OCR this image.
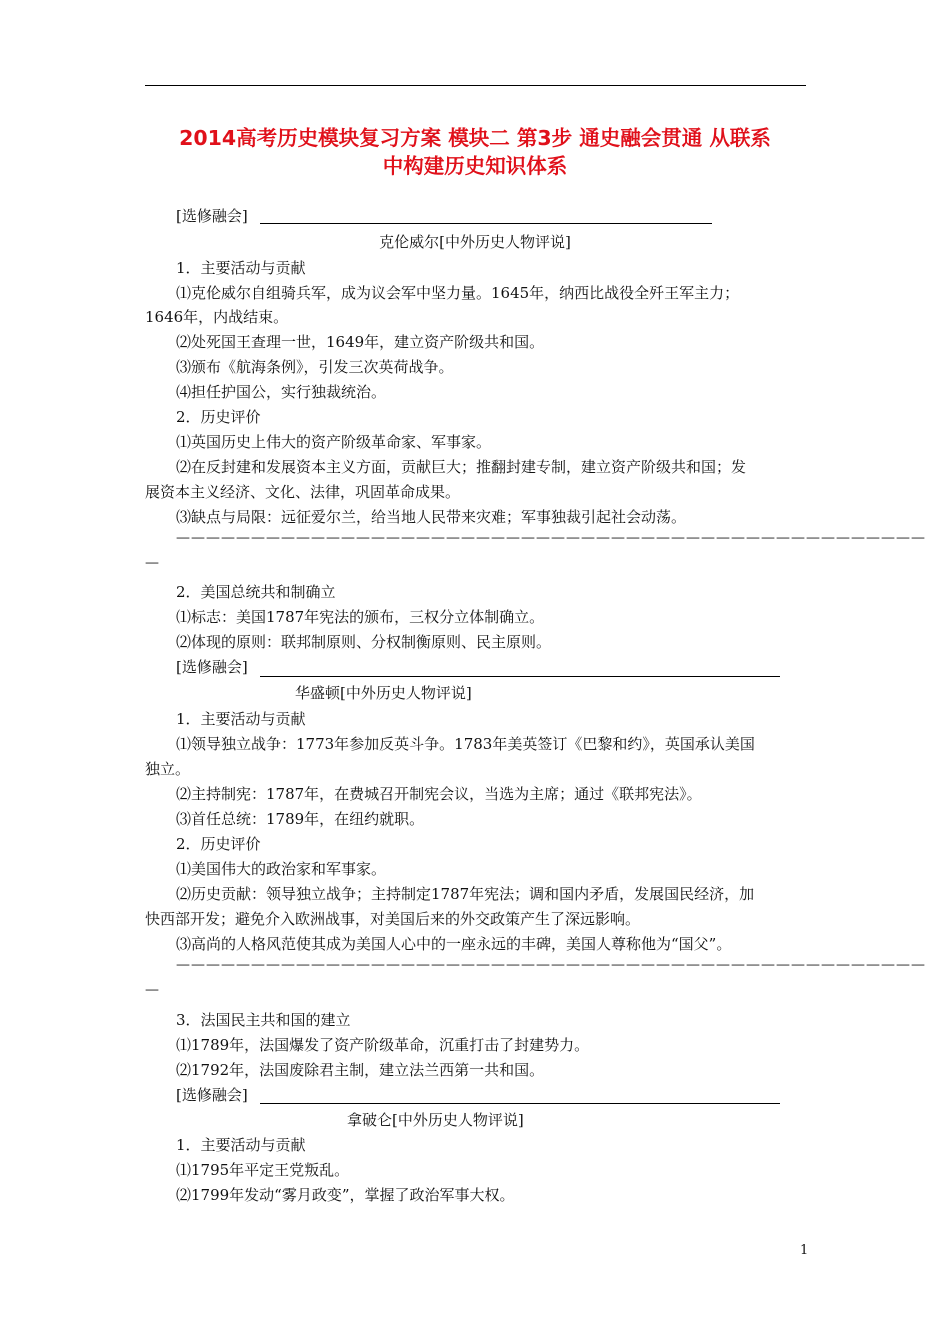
2014高考历史模块复习方案 模块二 第3步 通史融会贯通 从联系
中构建历史知识体系
[选修融会]
克伦威尔[中外历史人物评说]
1．主要活动与贡献
⑴克伦威尔自组骑兵军，成为议会军中坚力量。1645年，纳西比战役全歼王军主力；
1646年，内战结束。
⑵处死国王查理一世，1649年，建立资产阶级共和国。
⑶颁布《航海条例》，引发三次英荷战争。
⑷担任护国公，实行独裁统治。
2．历史评价
⑴英国历史上伟大的资产阶级革命家、军事家。
⑵在反封建和发展资本主义方面，贡献巨大；推翻封建专制，建立资产阶级共和国；发
展资本主义经济、文化、法律，巩固革命成果。
⑶缺点与局限：远征爱尔兰，给当地人民带来灾难；军事独裁引起社会动荡。
——————————————————————————————————————————————————
—
2．美国总统共和制确立
⑴标志：美国1787年宪法的颁布，三权分立体制确立。
⑵体现的原则：联邦制原则、分权制衡原则、民主原则。
[选修融会]
华盛顿[中外历史人物评说]
1．主要活动与贡献
⑴领导独立战争：1773年参加反英斗争。1783年美英签订《巴黎和约》，英国承认美国
独立。
⑵主持制宪：1787年，在费城召开制宪会议，当选为主席；通过《联邦宪法》。
⑶首任总统：1789年，在纽约就职。
2．历史评价
⑴美国伟大的政治家和军事家。
⑵历史贡献：领导独立战争；主持制定1787年宪法；调和国内矛盾，发展国民经济，加
快西部开发；避免介入欧洲战事，对美国后来的外交政策产生了深远影响。
⑶高尚的人格风范使其成为美国人心中的一座永远的丰碑，美国人尊称他为“国父”。
——————————————————————————————————————————————————
—
3．法国民主共和国的建立
⑴1789年，法国爆发了资产阶级革命，沉重打击了封建势力。
⑵1792年，法国废除君主制，建立法兰西第一共和国。
[选修融会]
拿破仑[中外历史人物评说]
1．主要活动与贡献
⑴1795年平定王党叛乱。
⑵1799年发动“雾月政变”，掌握了政治军事大权。
1
